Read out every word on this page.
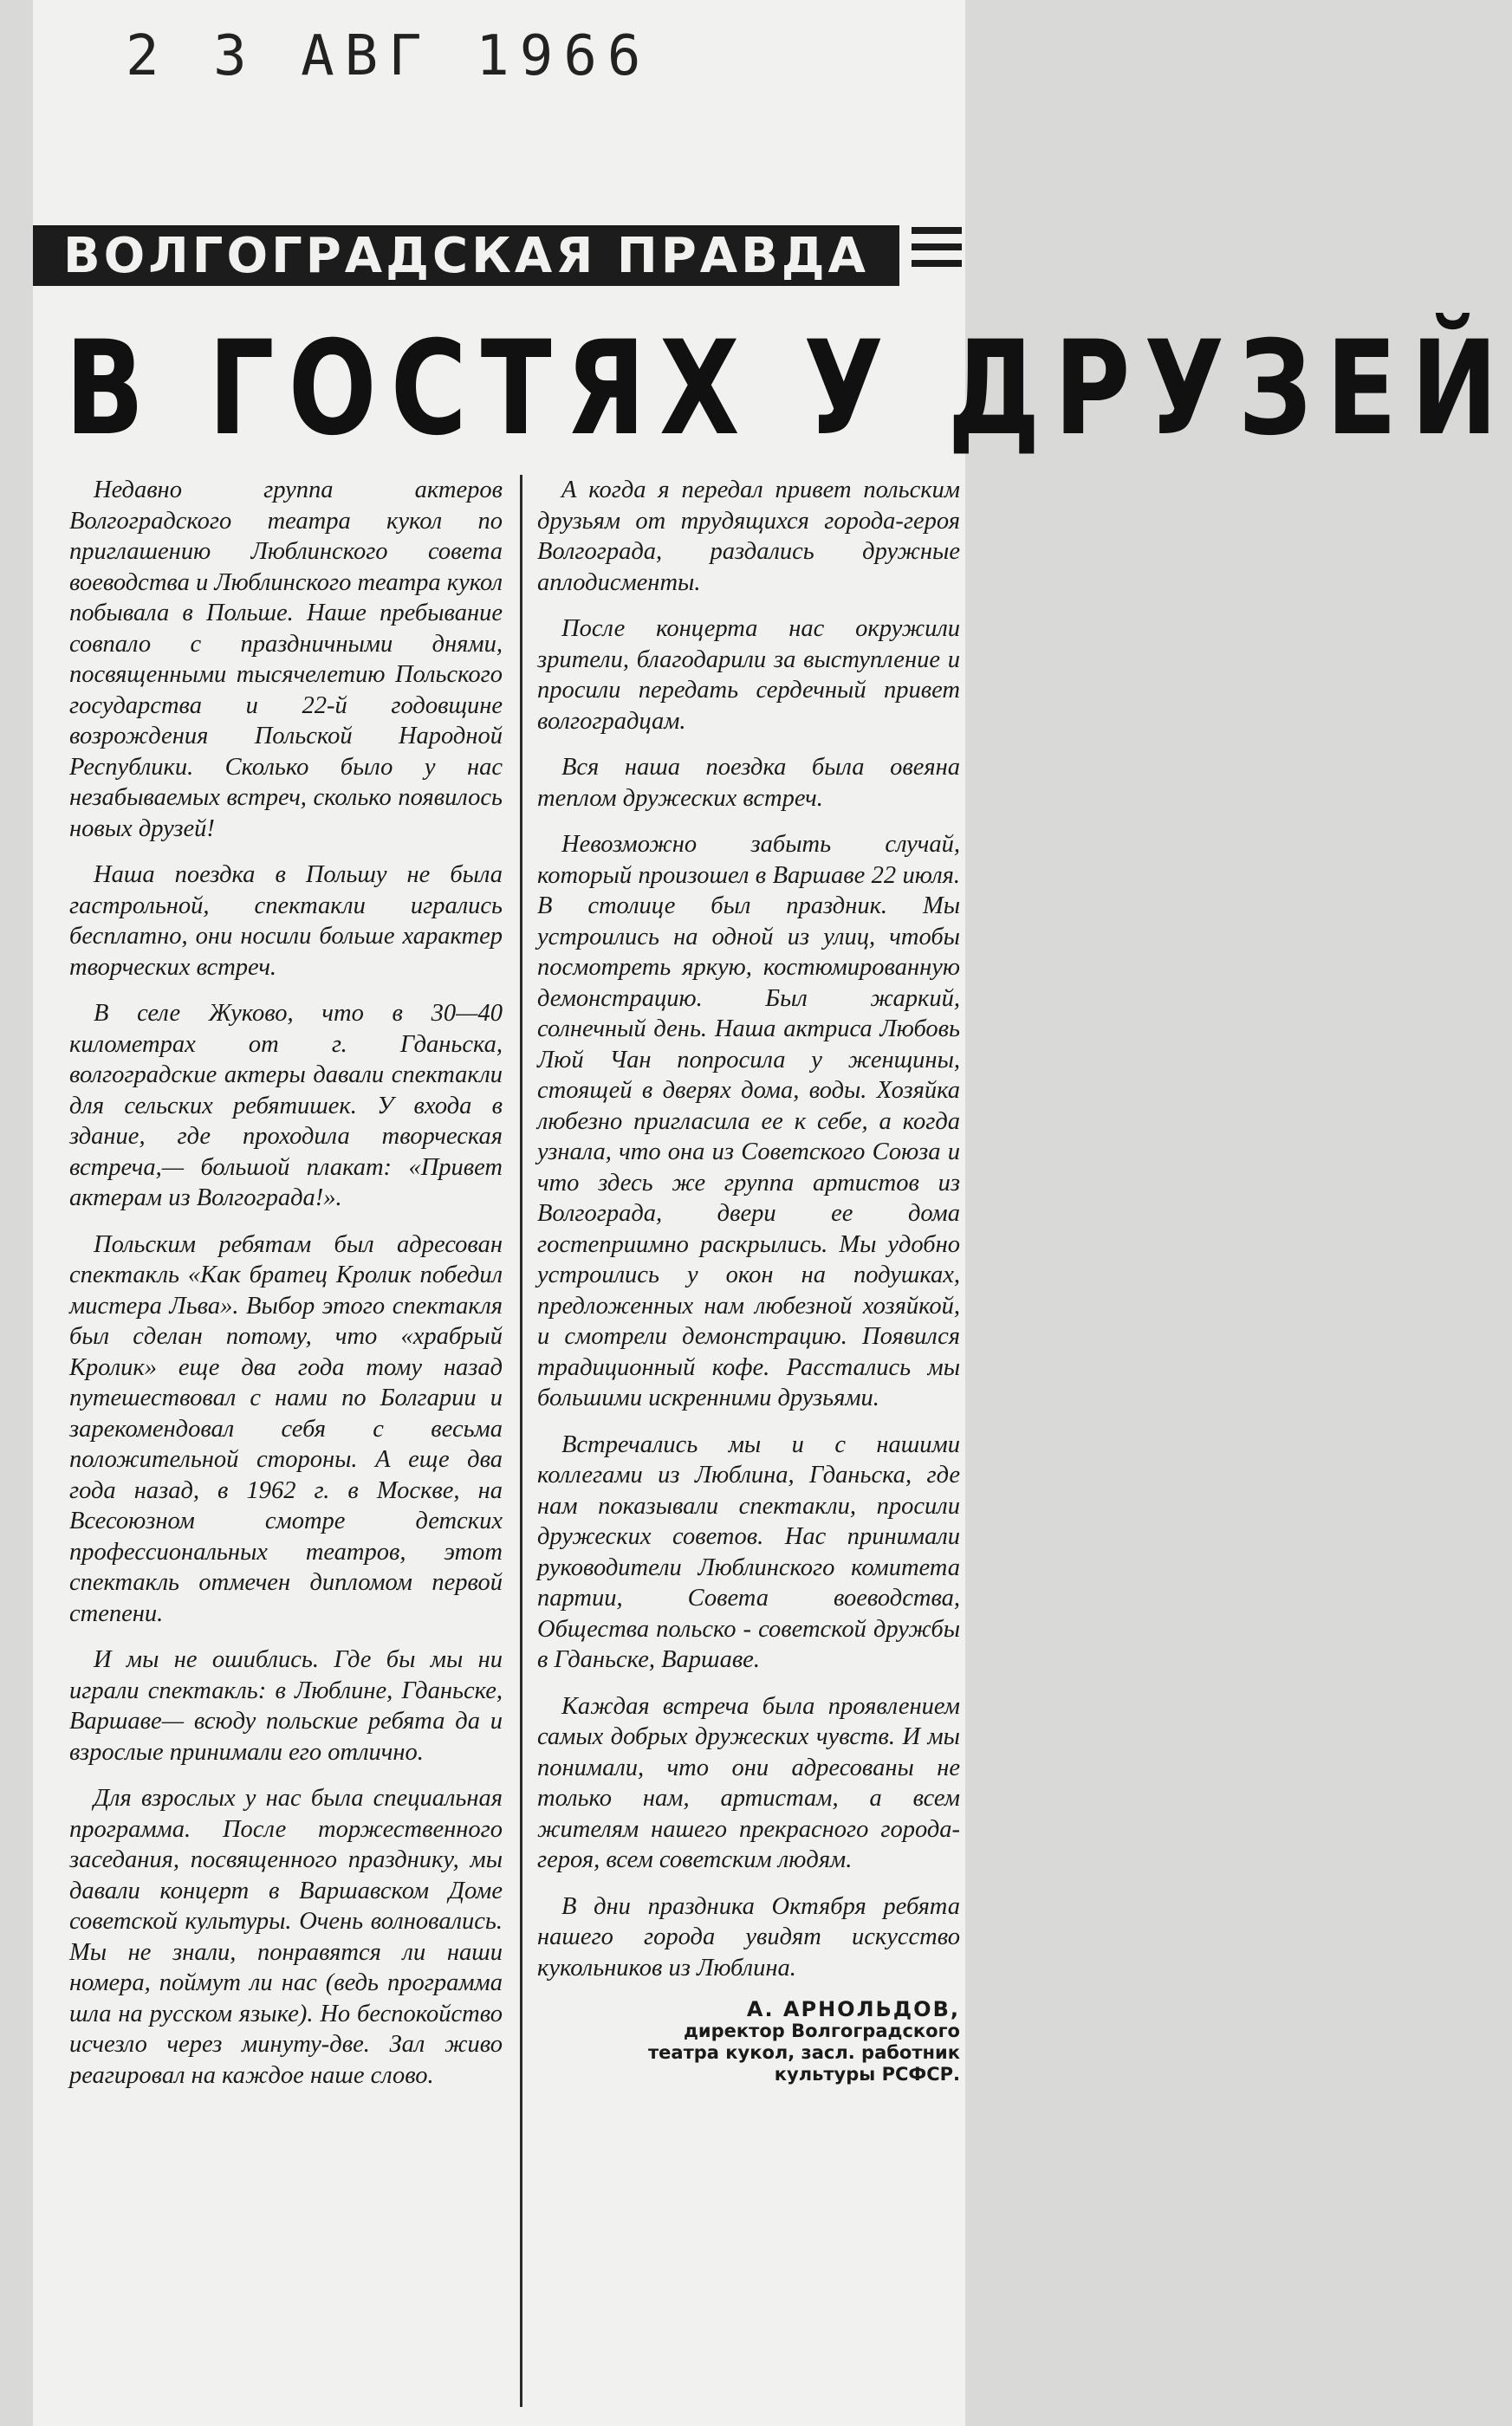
2 3 АВГ 1966
ВОЛГОГРАДСКАЯ ПРАВДА
В ГОСТЯХ У ДРУЗЕЙ

Недавно группа актеров Волгоградского театра кукол по приглашению Люблинского совета воеводства и Люблинского театра кукол побывала в Польше. Наше пребывание совпало с праздничными днями, посвященными тысячелетию Польского государства и 22-й годовщине возрождения Польской Народной Республики. Сколько было у нас незабываемых встреч, сколько появилось новых друзей!

Наша поездка в Польшу не была гастрольной, спектакли игрались бесплатно, они носили больше характер творческих встреч.

В селе Жуково, что в 30—40 километрах от г. Гданьска, волгоградские актеры давали спектакли для сельских ребятишек. У входа в здание, где проходила творческая встреча,— большой плакат: «Привет актерам из Волгограда!».

Польским ребятам был адресован спектакль «Как братец Кролик победил мистера Льва». Выбор этого спектакля был сделан потому, что «храбрый Кролик» еще два года тому назад путешествовал с нами по Болгарии и зарекомендовал себя с весьма положительной стороны. А еще два года назад, в 1962 г. в Москве, на Всесоюзном смотре детских профессиональных театров, этот спектакль отмечен дипломом первой степени.

И мы не ошиблись. Где бы мы ни играли спектакль: в Люблине, Гданьске, Варшаве— всюду польские ребята да и взрослые принимали его отлично.

Для взрослых у нас была специальная программа. После торжественного заседания, посвященного празднику, мы давали концерт в Варшавском Доме советской культуры. Очень волновались. Мы не знали, понравятся ли наши номера, поймут ли нас (ведь программа шла на русском языке). Но беспокойство исчезло через минуту-две. Зал живо реагировал на каждое наше слово.

А когда я передал привет польским друзьям от трудящихся города-героя Волгограда, раздались дружные аплодисменты.

После концерта нас окружили зрители, благодарили за выступление и просили передать сердечный привет волгоградцам.

Вся наша поездка была овеяна теплом дружеских встреч.

Невозможно забыть случай, который произошел в Варшаве 22 июля. В столице был праздник. Мы устроились на одной из улиц, чтобы посмотреть яркую, костюмированную демонстрацию. Был жаркий, солнечный день. Наша актриса Любовь Люй Чан попросила у женщины, стоящей в дверях дома, воды. Хозяйка любезно пригласила ее к себе, а когда узнала, что она из Советского Союза и что здесь же группа артистов из Волгограда, двери ее дома гостеприимно раскрылись. Мы удобно устроились у окон на подушках, предложенных нам любезной хозяйкой, и смотрели демонстрацию. Появился традиционный кофе. Расстались мы большими искренними друзьями.

Встречались мы и с нашими коллегами из Люблина, Гданьска, где нам показывали спектакли, просили дружеских советов. Нас принимали руководители Люблинского комитета партии, Совета воеводства, Общества польско - советской дружбы в Гданьске, Варшаве.

Каждая встреча была проявлением самых добрых дружеских чувств. И мы понимали, что они адресованы не только нам, артистам, а всем жителям нашего прекрасного города-героя, всем советским людям.

В дни праздника Октября ребята нашего города увидят искусство кукольников из Люблина.

А. АРНОЛЬДОВ,
директор Волгоградского
театра кукол, засл. работник
культуры РСФСР.
